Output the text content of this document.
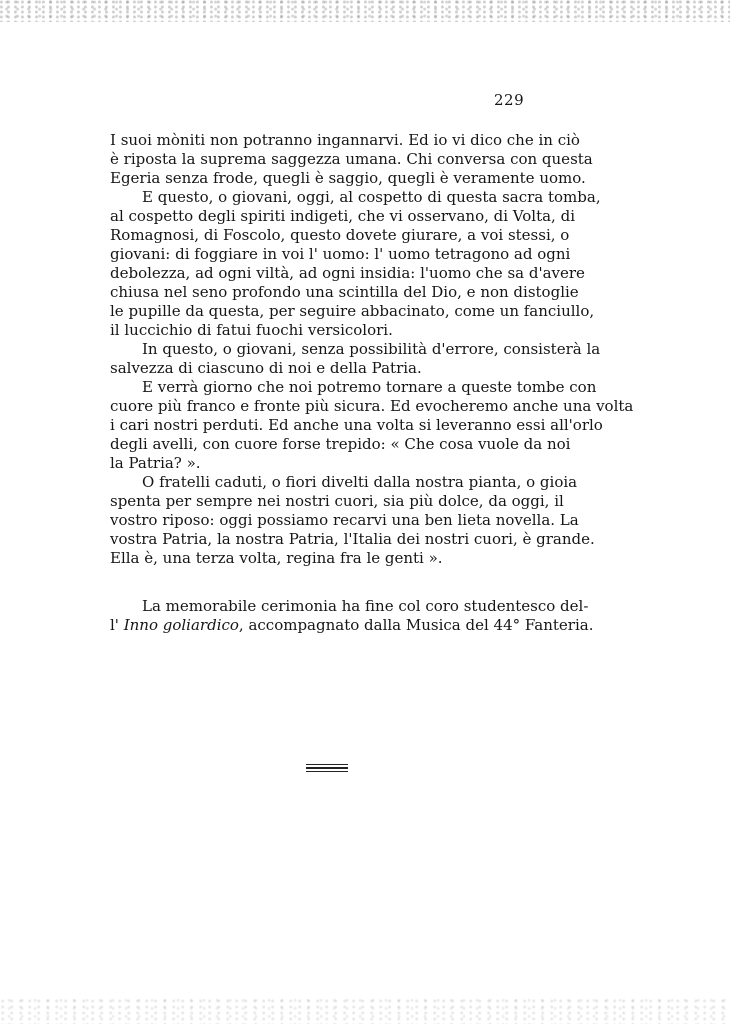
229
I suoi mòniti non potranno ingannarvi. Ed io vi dico che in ciò
è riposta la suprema saggezza umana. Chi conversa con questa
Egeria senza frode, quegli è saggio, quegli è veramente uomo.
E questo, o giovani, oggi, al cospetto di questa sacra tomba,
al cospetto degli spiriti indigeti, che vi osservano, di Volta, di
Romagnosi, di Foscolo, questo dovete giurare, a voi stessi, o
giovani: di foggiare in voi l' uomo: l' uomo tetragono ad ogni
debolezza, ad ogni viltà, ad ogni insidia: l'uomo che sa d'avere
chiusa nel seno profondo una scintilla del Dio, e non distoglie
le pupille da questa, per seguire abbacinato, come un fanciullo,
il luccichio di fatui fuochi versicolori.
In questo, o giovani, senza possibilità d'errore, consisterà la
salvezza di ciascuno di noi e della Patria.
E verrà giorno che noi potremo tornare a queste tombe con
cuore più franco e fronte più sicura. Ed evocheremo anche una volta
i cari nostri perduti. Ed anche una volta si leveranno essi all'orlo
degli avelli, con cuore forse trepido: « Che cosa vuole da noi
la Patria? ».
O fratelli caduti, o fiori divelti dalla nostra pianta, o gioia
spenta per sempre nei nostri cuori, sia più dolce, da oggi, il
vostro riposo: oggi possiamo recarvi una ben lieta novella. La
vostra Patria, la nostra Patria, l'Italia dei nostri cuori, è grande.
Ella è, una terza volta, regina fra le genti ».
La memorabile cerimonia ha fine col coro studentesco del-
l' Inno goliardico, accompagnato dalla Musica del 44° Fanteria.
